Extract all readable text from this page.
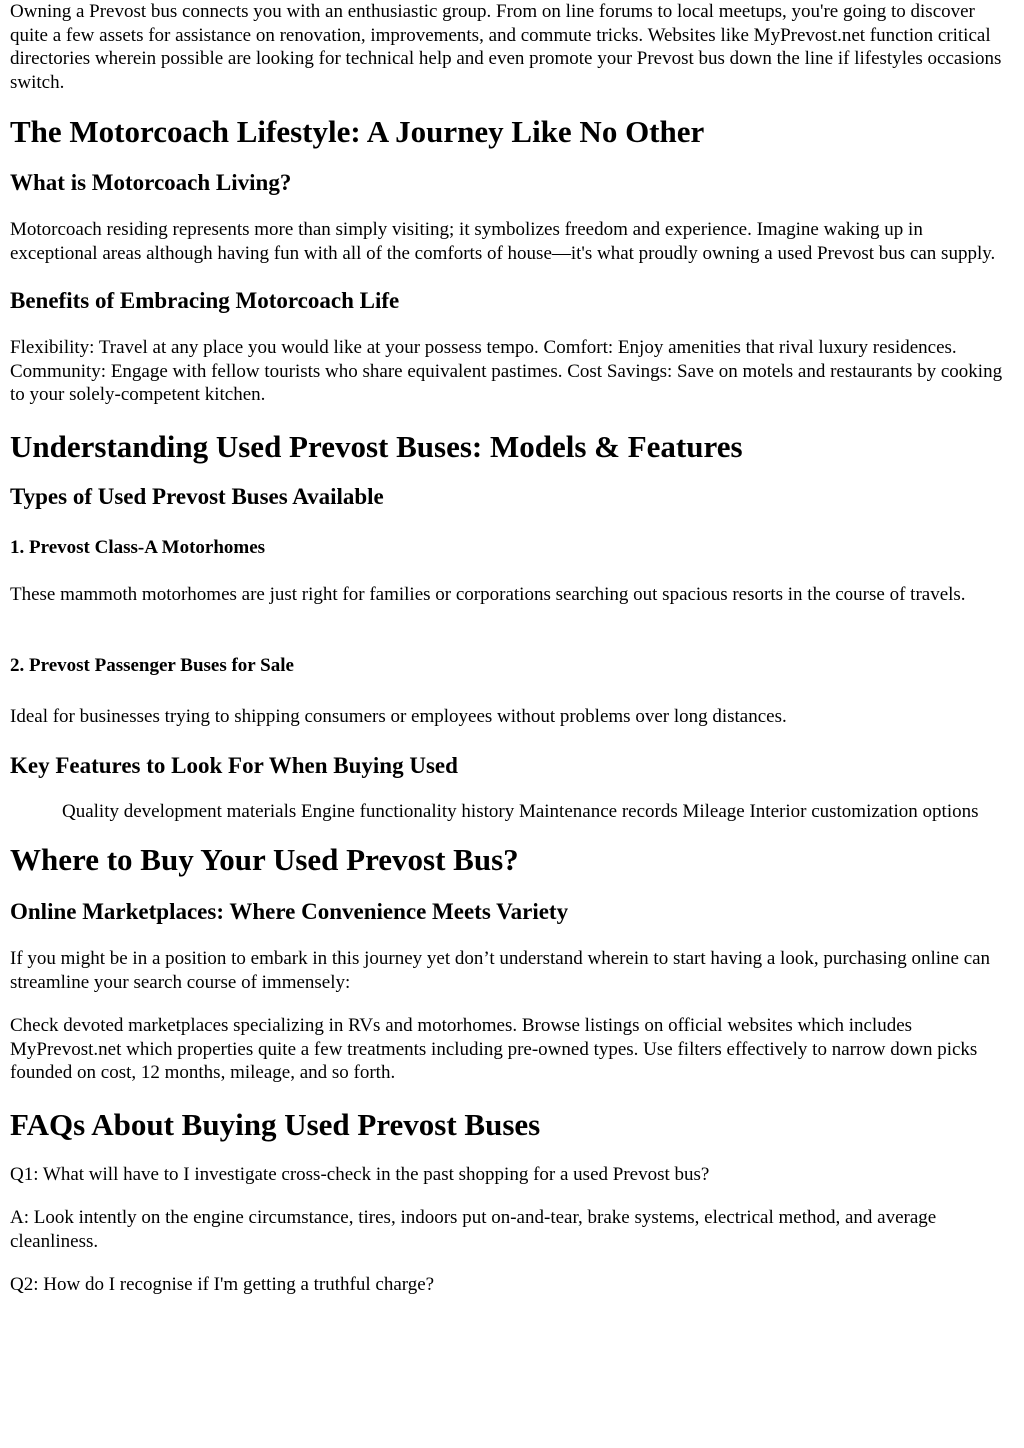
Owning a Prevost bus connects you with an enthusiastic group. From on line forums to local meetups, you're going to discover quite a few assets for assistance on renovation, improvements, and commute tricks. Websites like MyPrevost.net function critical directories wherein possible are looking for technical help and even promote your Prevost bus down the line if lifestyles occasions switch.

The Motorcoach Lifestyle: A Journey Like No Other
What is Motorcoach Living?

Motorcoach residing represents more than simply visiting; it symbolizes freedom and experience. Imagine waking up in exceptional areas although having fun with all of the comforts of house—it's what proudly owning a used Prevost bus can supply.

Benefits of Embracing Motorcoach Life

Flexibility: Travel at any place you would like at your possess tempo. Comfort: Enjoy amenities that rival luxury residences. Community: Engage with fellow tourists who share equivalent pastimes. Cost Savings: Save on motels and restaurants by cooking to your solely-competent kitchen.

Understanding Used Prevost Buses: Models & Features
Types of Used Prevost Buses Available
1. Prevost Class-A Motorhomes

These mammoth motorhomes are just right for families or corporations searching out spacious resorts in the course of travels.

2. Prevost Passenger Buses for Sale

Ideal for businesses trying to shipping consumers or employees without problems over long distances.

Key Features to Look For When Buying Used

Quality development materials Engine functionality history Maintenance records Mileage Interior customization options

Where to Buy Your Used Prevost Bus?
Online Marketplaces: Where Convenience Meets Variety

If you might be in a position to embark in this journey yet don’t understand wherein to start having a look, purchasing online can streamline your search course of immensely:

Check devoted marketplaces specializing in RVs and motorhomes. Browse listings on official websites which includes MyPrevost.net which properties quite a few treatments including pre-owned types. Use filters effectively to narrow down picks founded on cost, 12 months, mileage, and so forth.

FAQs About Buying Used Prevost Buses

Q1: What will have to I investigate cross-check in the past shopping for a used Prevost bus?

A: Look intently on the engine circumstance, tires, indoors put on-and-tear, brake systems, electrical method, and average cleanliness.

Q2: How do I recognise if I'm getting a truthful charge?
